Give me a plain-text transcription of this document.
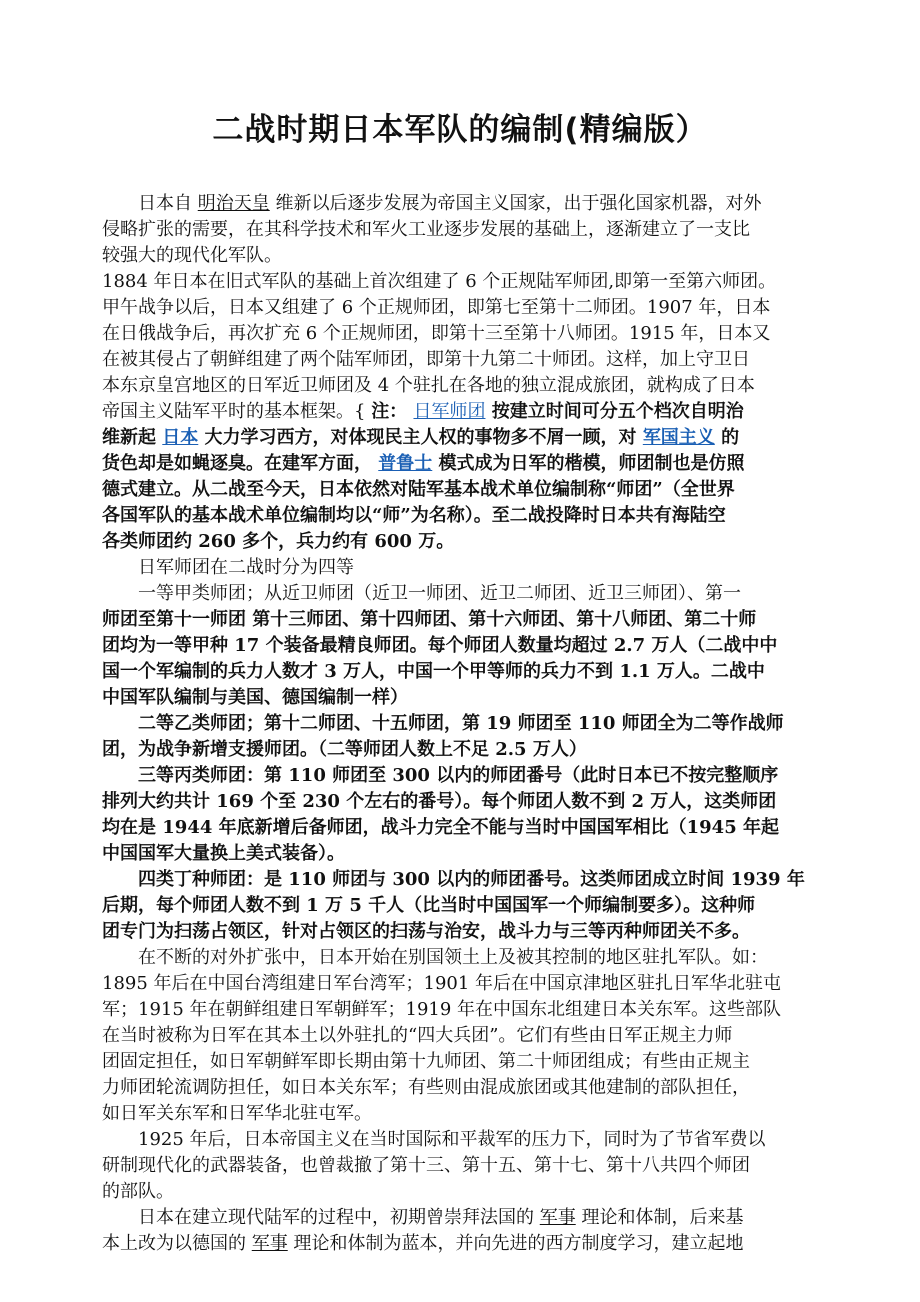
二战时期日本军队的编制(精编版）
　　日本自 明治天皇 维新以后逐步发展为帝国主义国家，出于强化国家机器，对外
侵略扩张的需要，在其科学技术和军火工业逐步发展的基础上，逐渐建立了一支比
较强大的现代化军队。
1884 年日本在旧式军队的基础上首次组建了 6 个正规陆军师团,即第一至第六师团。
甲午战争以后，日本又组建了 6 个正规师团，即第七至第十二师团。1907 年，日本
在日俄战争后，再次扩充 6 个正规师团，即第十三至第十八师团。1915 年，日本又
在被其侵占了朝鲜组建了两个陆军师团，即第十九第二十师团。这样，加上守卫日
本东京皇宫地区的日军近卫师团及 4 个驻扎在各地的独立混成旅团，就构成了日本
帝国主义陆军平时的基本框架。{ 注： 日军师团 按建立时间可分五个档次自明治
维新起 日本 大力学习西方，对体现民主人权的事物多不屑一顾，对 军国主义 的
货色却是如蝇逐臭。在建军方面， 普鲁士 模式成为日军的楷模，师团制也是仿照
德式建立。从二战至今天，日本依然对陆军基本战术单位编制称“师团”（全世界
各国军队的基本战术单位编制均以“师”为名称）。至二战投降时日本共有海陆空
各类师团约 260 多个，兵力约有 600 万。
　　日军师团在二战时分为四等
　　一等甲类师团；从近卫师团（近卫一师团、近卫二师团、近卫三师团）、第一
师团至第十一师团 第十三师团、第十四师团、第十六师团、第十八师团、第二十师
团均为一等甲种 17 个装备最精良师团。每个师团人数量均超过 2.7 万人（二战中中
国一个军编制的兵力人数才 3 万人，中国一个甲等师的兵力不到 1.1 万人。二战中
中国军队编制与美国、德国编制一样）
　　二等乙类师团；第十二师团、十五师团，第 19 师团至 110 师团全为二等作战师
团，为战争新增支援师团。（二等师团人数上不足 2.5 万人）
　　三等丙类师团：第 110 师团至 300 以内的师团番号（此时日本已不按完整顺序
排列大约共计 169 个至 230 个左右的番号）。每个师团人数不到 2 万人，这类师团
均在是 1944 年底新增后备师团，战斗力完全不能与当时中国国军相比（1945 年起
中国国军大量换上美式装备）。
　　四类丁种师团：是 110 师团与 300 以内的师团番号。这类师团成立时间 1939 年
后期，每个师团人数不到 1 万 5 千人（比当时中国国军一个师编制要多）。这种师
团专门为扫荡占领区，针对占领区的扫荡与治安，战斗力与三等丙种师团关不多。
　　在不断的对外扩张中，日本开始在别国领土上及被其控制的地区驻扎军队。如：
1895 年后在中国台湾组建日军台湾军；1901 年后在中国京津地区驻扎日军华北驻屯
军；1915 年在朝鲜组建日军朝鲜军；1919 年在中国东北组建日本关东军。这些部队
在当时被称为日军在其本土以外驻扎的“四大兵团”。它们有些由日军正规主力师
团固定担任，如日军朝鲜军即长期由第十九师团、第二十师团组成；有些由正规主
力师团轮流调防担任，如日本关东军；有些则由混成旅团或其他建制的部队担任，
如日军关东军和日军华北驻屯军。
　　1925 年后，日本帝国主义在当时国际和平裁军的压力下，同时为了节省军费以
研制现代化的武器装备，也曾裁撤了第十三、第十五、第十七、第十八共四个师团
的部队。
　　日本在建立现代陆军的过程中，初期曾崇拜法国的 军事 理论和体制，后来基
本上改为以德国的 军事 理论和体制为蓝本，并向先进的西方制度学习，建立起地
